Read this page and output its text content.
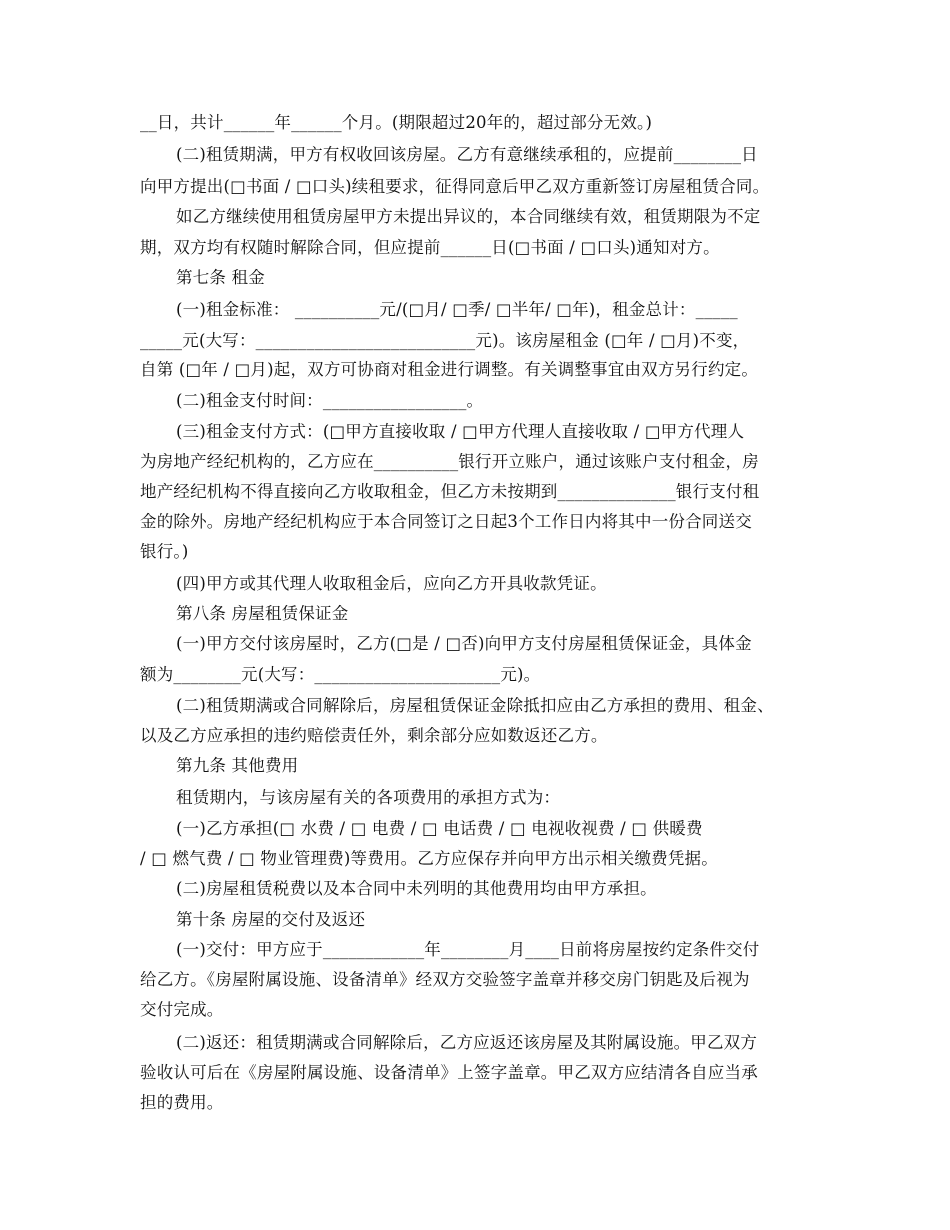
__日，共计______年______个月。(期限超过20年的，超过部分无效。)
(二)租赁期满，甲方有权收回该房屋。乙方有意继续承租的，应提前________日
向甲方提出(□书面 / □口头)续租要求，征得同意后甲乙双方重新签订房屋租赁合同。
如乙方继续使用租赁房屋甲方未提出异议的，本合同继续有效，租赁期限为不定
期，双方均有权随时解除合同，但应提前______日(□书面 / □口头)通知对方。
第七条 租金
(一)租金标准： __________元/(□月/ □季/ □半年/ □年)，租金总计：_____
_____元(大写：__________________________元)。该房屋租金 (□年 / □月)不变，
自第 (□年 / □月)起，双方可协商对租金进行调整。有关调整事宜由双方另行约定。
(二)租金支付时间：_________________。
(三)租金支付方式：(□甲方直接收取 / □甲方代理人直接收取 / □甲方代理人
为房地产经纪机构的，乙方应在__________银行开立账户，通过该账户支付租金，房
地产经纪机构不得直接向乙方收取租金，但乙方未按期到______________银行支付租
金的除外。房地产经纪机构应于本合同签订之日起3个工作日内将其中一份合同送交
银行。)
(四)甲方或其代理人收取租金后，应向乙方开具收款凭证。
第八条 房屋租赁保证金
(一)甲方交付该房屋时，乙方(□是 / □否)向甲方支付房屋租赁保证金，具体金
额为________元(大写：______________________元)。
(二)租赁期满或合同解除后，房屋租赁保证金除抵扣应由乙方承担的费用、租金、
以及乙方应承担的违约赔偿责任外，剩余部分应如数返还乙方。
第九条 其他费用
租赁期内，与该房屋有关的各项费用的承担方式为：
(一)乙方承担(□ 水费 / □ 电费 / □ 电话费 / □ 电视收视费 / □ 供暖费
/ □ 燃气费 / □ 物业管理费)等费用。乙方应保存并向甲方出示相关缴费凭据。
(二)房屋租赁税费以及本合同中未列明的其他费用均由甲方承担。
第十条 房屋的交付及返还
(一)交付：甲方应于____________年________月____日前将房屋按约定条件交付
给乙方。《房屋附属设施、设备清单》经双方交验签字盖章并移交房门钥匙及后视为
交付完成。
(二)返还：租赁期满或合同解除后，乙方应返还该房屋及其附属设施。甲乙双方
验收认可后在《房屋附属设施、设备清单》上签字盖章。甲乙双方应结清各自应当承
担的费用。
